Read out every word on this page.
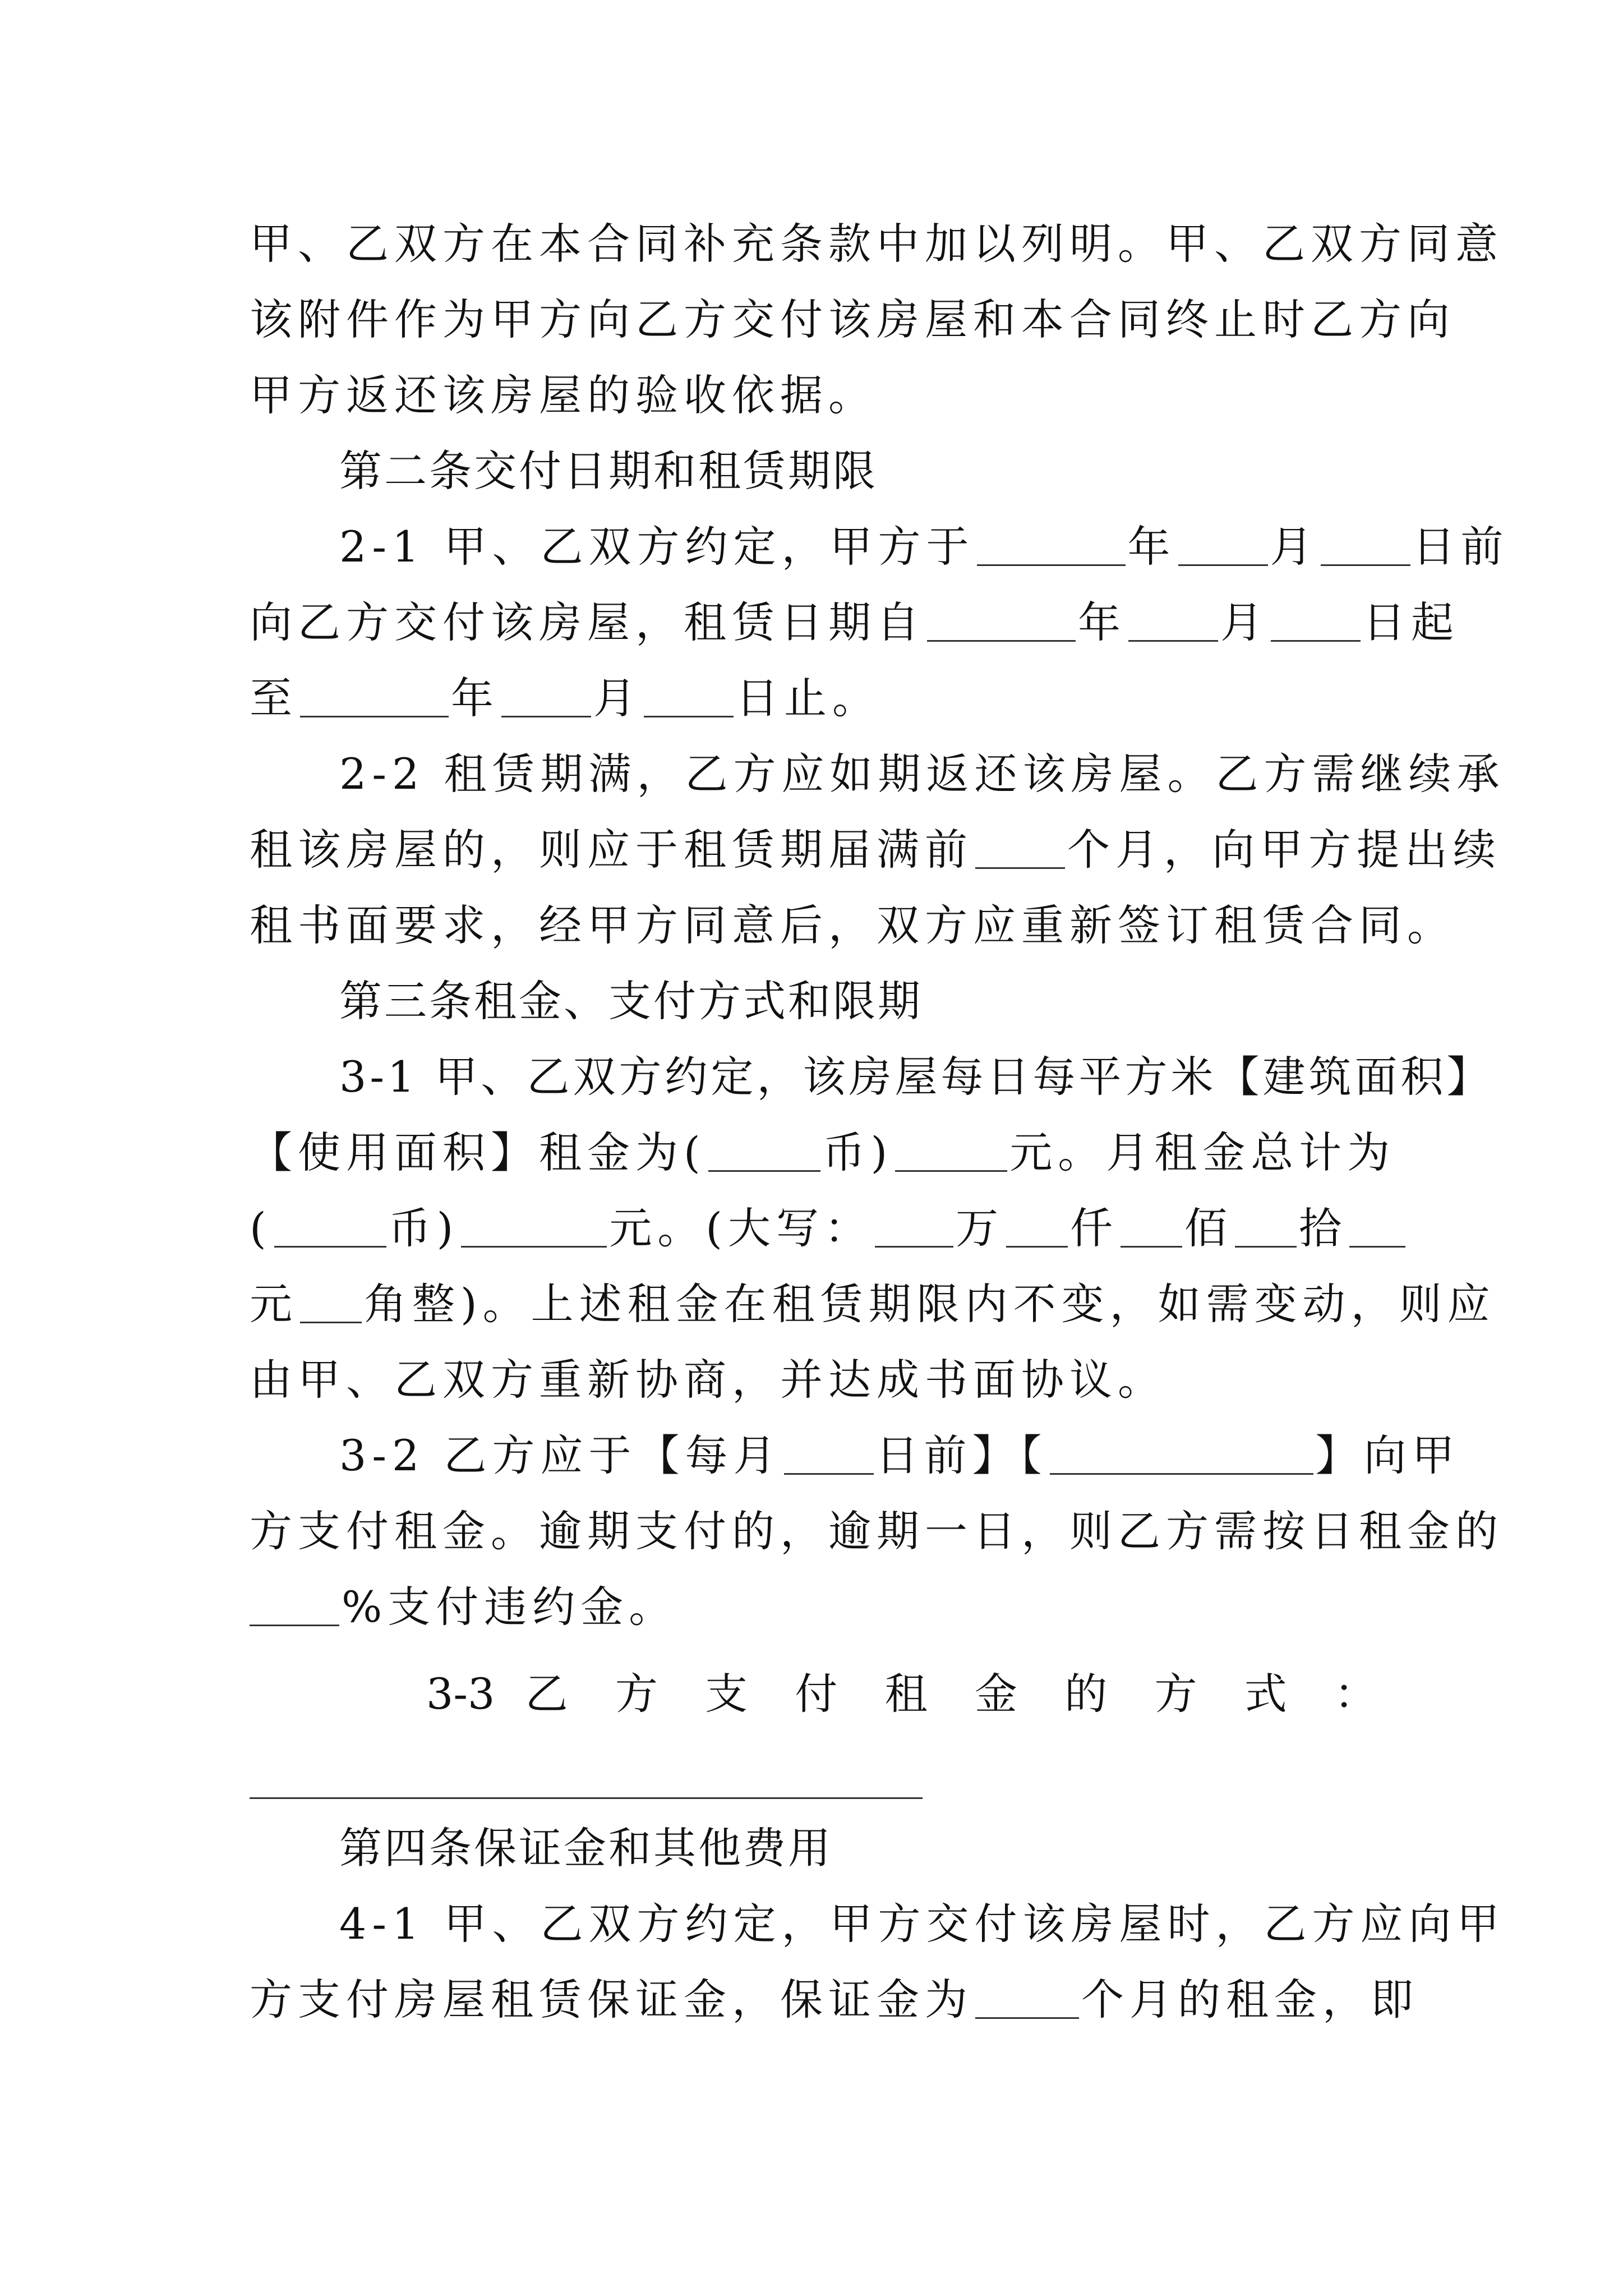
甲、乙双方在本合同补充条款中加以列明。甲、乙双方同意
该附件作为甲方向乙方交付该房屋和本合同终止时乙方向
甲方返还该房屋的验收依据。
第二条交付日期和租赁期限
2-1 甲、乙双方约定，甲方于	年 月 日前
向乙方交付该房屋，租赁日期自	年 月 日起
至	年 月 日止。
2-2 租赁期满，乙方应如期返还该房屋。乙方需继续承
租该房屋的，则应于租赁期届满前 个月，向甲方提出续
租书面要求，经甲方同意后，双方应重新签订租赁合同。
第三条租金、支付方式和限期
3-1 甲、乙双方约定，该房屋每日每平方米【建筑面积】
【使用面积】租金为(	币)	元。月租金总计为
(	币)	元。(大写： 万 仟 佰 拾
元 角整)。上述租金在租赁期限内不变，如需变动，则应
由甲、乙双方重新协商，并达成书面协议。
3-2 乙方应于【每月 日前】【	】向甲
方支付租金。逾期支付的，逾期一日，则乙方需按日租金的
%支付违约金。
3-3 乙 方 支 付 租 金 的 方 式 ：
第四条保证金和其他费用
4-1 甲、乙双方约定，甲方交付该房屋时，乙方应向甲
方支付房屋租赁保证金，保证金为	个月的租金，即
